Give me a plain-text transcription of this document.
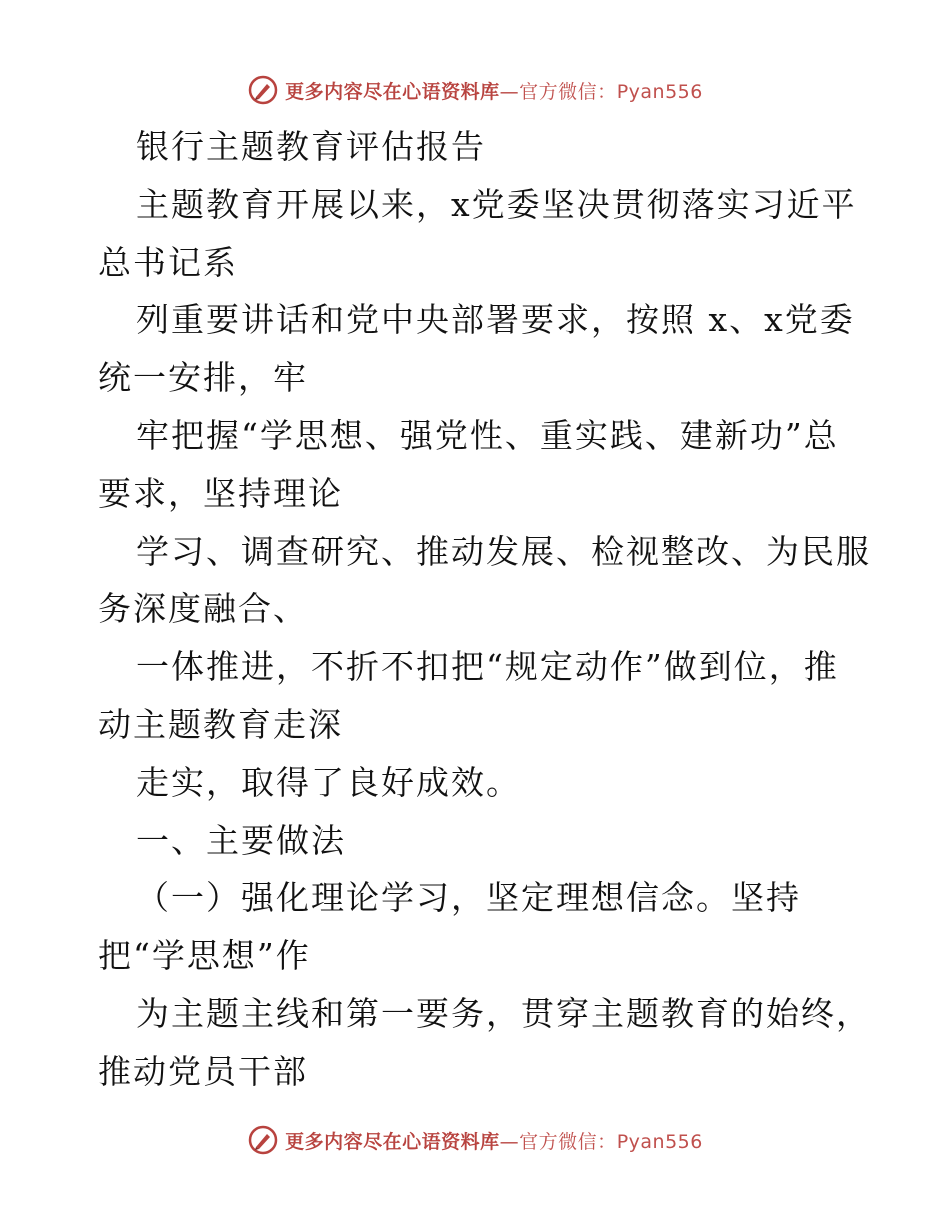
更多内容尽在心语资料库—官方微信：Pyan556
银行主题教育评估报告
主题教育开展以来，x党委坚决贯彻落实习近平
总书记系
列重要讲话和党中央部署要求，按照 x、x党委
统一安排，牢
牢把握“学思想、强党性、重实践、建新功”总
要求，坚持理论
学习、调查研究、推动发展、检视整改、为民服
务深度融合、
一体推进，不折不扣把“规定动作”做到位，推
动主题教育走深
走实，取得了良好成效。
一、主要做法
（一）强化理论学习，坚定理想信念。坚持
把“学思想”作
为主题主线和第一要务，贯穿主题教育的始终，
推动党员干部
更多内容尽在心语资料库—官方微信：Pyan556
